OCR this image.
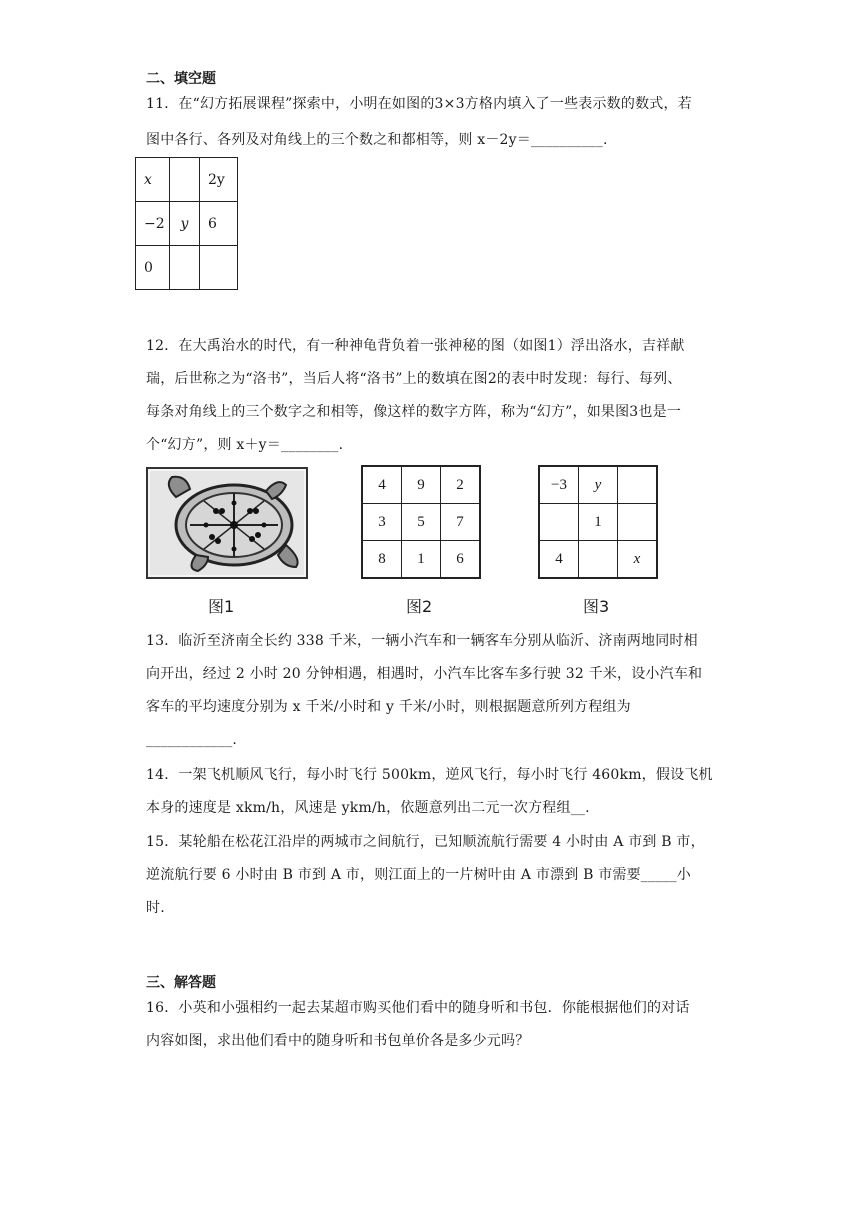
二、填空题
11．在“幻方拓展课程”探索中，小明在如图的3×3方格内填入了一些表示数的数式，若
图中各行、各列及对角线上的三个数之和都相等，则 x－2y＝__________.
x		2y
−2	y	6
0		
12．在大禹治水的时代，有一种神龟背负着一张神秘的图（如图1）浮出洛水，吉祥献
瑞，后世称之为“洛书”，当后人将“洛书”上的数填在图2的表中时发现：每行、每列、
每条对角线上的三个数字之和相等，像这样的数字方阵，称为“幻方”，如果图3也是一
个“幻方”，则 x＋y＝________.
4	9	2
3	5	7
8	1	6
−3	y	
	1	
4		x
图1	图2	图3
13．临沂至济南全长约 338 千米，一辆小汽车和一辆客车分别从临沂、济南两地同时相
向开出，经过 2 小时 20 分钟相遇，相遇时，小汽车比客车多行驶 32 千米，设小汽车和
客车的平均速度分别为 x 千米/小时和 y 千米/小时，则根据题意所列方程组为
____________.
14．一架飞机顺风飞行，每小时飞行 500km，逆风飞行，每小时飞行 460km，假设飞机
本身的速度是 xkm/h，风速是 ykm/h，依题意列出二元一次方程组__.
15．某轮船在松花江沿岸的两城市之间航行，已知顺流航行需要 4 小时由 A 市到 B 市，
逆流航行要 6 小时由 B 市到 A 市，则江面上的一片树叶由 A 市漂到 B 市需要_____小
时.
三、解答题
16．小英和小强相约一起去某超市购买他们看中的随身听和书包．你能根据他们的对话
内容如图，求出他们看中的随身听和书包单价各是多少元吗？
